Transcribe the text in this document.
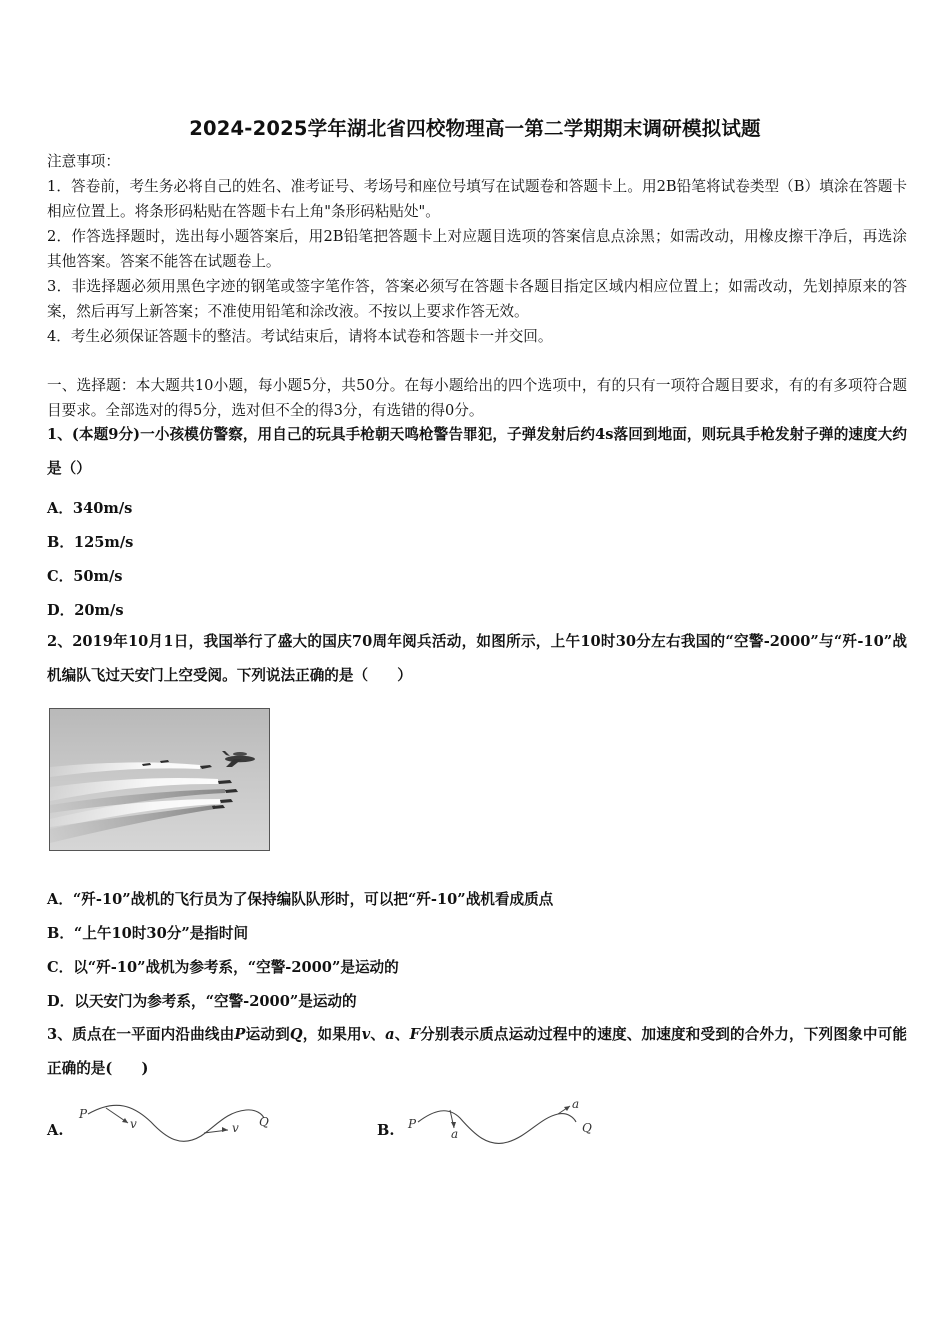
2024-2025学年湖北省四校物理高一第二学期期末调研模拟试题
注意事项：
1．答卷前，考生务必将自己的姓名、准考证号、考场号和座位号填写在试题卷和答题卡上。用2B铅笔将试卷类型（B）填涂在答题卡相应位置上。将条形码粘贴在答题卡右上角"条形码粘贴处"。
2．作答选择题时，选出每小题答案后，用2B铅笔把答题卡上对应题目选项的答案信息点涂黑；如需改动，用橡皮擦干净后，再选涂其他答案。答案不能答在试题卷上。
3．非选择题必须用黑色字迹的钢笔或签字笔作答，答案必须写在答题卡各题目指定区域内相应位置上；如需改动，先划掉原来的答案，然后再写上新答案；不准使用铅笔和涂改液。不按以上要求作答无效。
4．考生必须保证答题卡的整洁。考试结束后，请将本试卷和答题卡一并交回。
一、选择题：本大题共10小题，每小题5分，共50分。在每小题给出的四个选项中，有的只有一项符合题目要求，有的有多项符合题目要求。全部选对的得5分，选对但不全的得3分，有选错的得0分。
1、(本题9分)一小孩模仿警察，用自己的玩具手枪朝天鸣枪警告罪犯，子弹发射后约4s落回到地面，则玩具手枪发射子弹的速度大约是（）
A．340m/s
B．125m/s
C．50m/s
D．20m/s
2、2019年10月1日，我国举行了盛大的国庆70周年阅兵活动，如图所示，上午10时30分左右我国的“空警-2000”与“歼-10”战机编队飞过天安门上空受阅。下列说法正确的是（　　）
A．“歼-10”战机的飞行员为了保持编队队形时，可以把“歼-10”战机看成质点
B．“上午10时30分”是指时间
C．以“歼-10”战机为参考系，“空警-2000”是运动的
D．以天安门为参考系，“空警-2000”是运动的
3、质点在一平面内沿曲线由P运动到Q，如果用v、a、F分别表示质点运动过程中的速度、加速度和受到的合外力，下列图象中可能正确的是(　　)
A.
P
Q
v	v	B. P	Q
a
a
